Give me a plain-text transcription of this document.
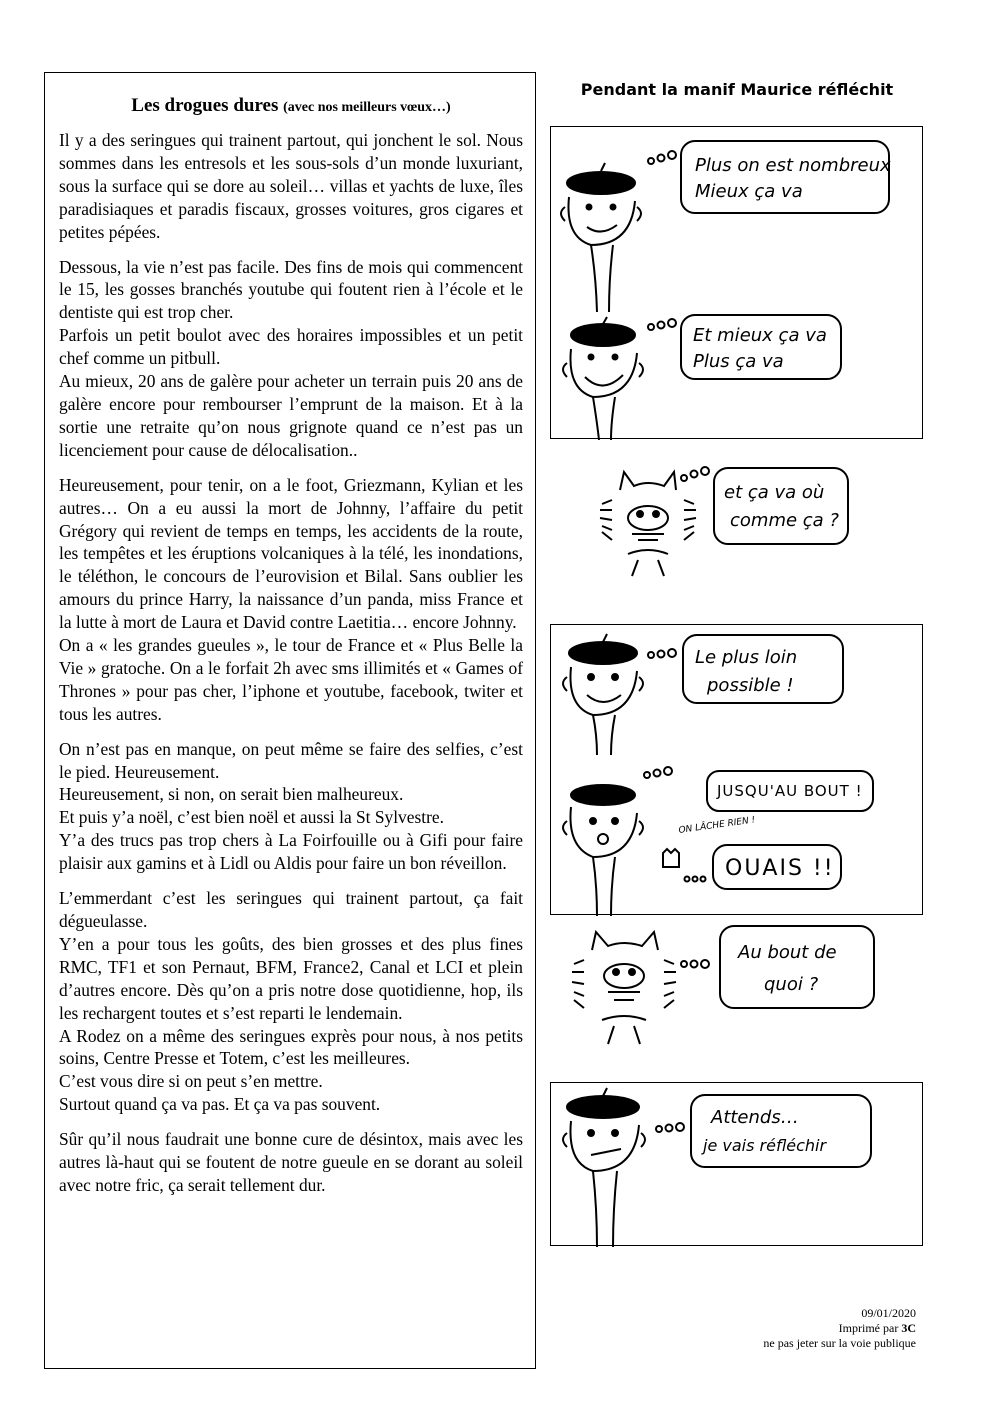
Les drogues dures (avec nos meilleurs vœux…)
Il y a des seringues qui trainent partout, qui jonchent le sol. Nous sommes dans les entresols et les sous-sols d’un monde luxuriant, sous la surface qui se dore au soleil… villas et yachts de luxe, îles paradisiaques et paradis fiscaux, grosses voitures, gros cigares et petites pépées.
Dessous, la vie n’est pas facile. Des fins de mois qui commencent le 15, les gosses branchés youtube qui foutent rien à l’école et le dentiste qui est trop cher.
Parfois un petit boulot avec des horaires impossibles et un petit chef comme un pitbull.
Au mieux, 20 ans de galère pour acheter un terrain puis 20 ans de galère encore pour rembourser l’emprunt de la maison. Et à la sortie une retraite qu’on nous grignote quand ce n’est pas un licenciement pour cause de délocalisation..
Heureusement, pour tenir, on a le foot, Griezmann, Kylian et les autres… On a eu aussi la mort de Johnny, l’affaire du petit Grégory qui revient de temps en temps, les accidents de la route, les tempêtes et les éruptions volcaniques à la télé, les inondations, le téléthon, le concours de l’eurovision et Bilal. Sans oublier les amours du prince Harry, la naissance d’un panda, miss France et la lutte à mort de Laura et David contre Laetitia… encore Johnny.
On a « les grandes gueules », le tour de France et « Plus Belle la Vie » gratoche. On a le forfait 2h avec sms illimités et « Games of Thrones » pour pas cher, l’iphone et youtube, facebook, twiter et tous les autres.
On n’est pas en manque, on peut même se faire des selfies, c’est le pied. Heureusement.
Heureusement, si non, on serait bien malheureux.
Et puis y’a noël, c’est bien noël et aussi la St Sylvestre.
Y’a des trucs pas trop chers à La Foirfouille ou à Gifi pour faire plaisir aux gamins et à Lidl ou Aldis pour faire un bon réveillon.
L’emmerdant c’est les seringues qui trainent partout, ça fait dégueulasse.
Y’en a pour tous les goûts, des bien grosses et des plus fines RMC, TF1 et son Pernaut, BFM, France2, Canal et LCI et plein d’autres encore. Dès qu’on a pris notre dose quotidienne, hop, ils les rechargent toutes et s’est reparti le lendemain.
A Rodez on a même des seringues exprès pour nous, à nos petits soins, Centre Presse et Totem, c’est les meilleures.
C’est vous dire si on peut s’en mettre.
Surtout quand ça va pas. Et ça va pas souvent.
Sûr qu’il nous faudrait une bonne cure de désintox, mais avec les autres là-haut qui se foutent de notre gueule en se dorant au soleil avec notre fric, ça serait tellement dur.
Pendant la manif Maurice réfléchit
Plus on est nombreux
Mieux ça va
Et mieux ça va
Plus ça va
et ça va où
comme ça ?
Le plus loin
possible !
JUSQU'AU BOUT !
ON LÂCHE RIEN !
OUAIS !!
Au bout de
quoi ?
Attends…
je vais réfléchir
09/01/2020
Imprimé par 3C
ne pas jeter sur la voie publique
